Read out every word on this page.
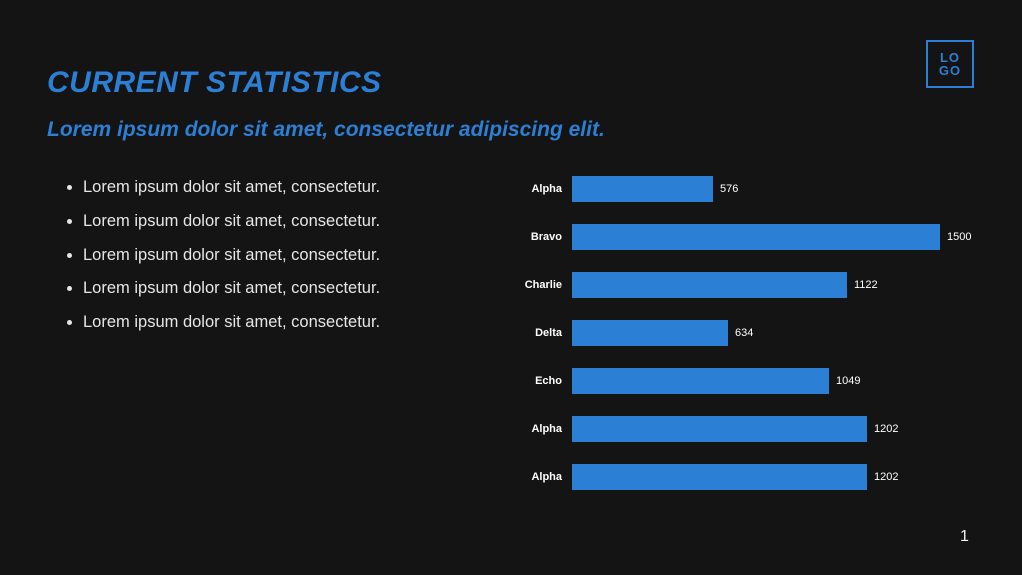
LO
GO
CURRENT STATISTICS
Lorem ipsum dolor sit amet, consectetur adipiscing elit.
• Lorem ipsum dolor sit amet, consectetur.
• Lorem ipsum dolor sit amet, consectetur.
• Lorem ipsum dolor sit amet, consectetur.
• Lorem ipsum dolor sit amet, consectetur.
• Lorem ipsum dolor sit amet, consectetur.
Alpha	576
Bravo	1500
Charlie	1122
Delta	634
Echo	1049
Alpha	1202
Alpha	1202
1
